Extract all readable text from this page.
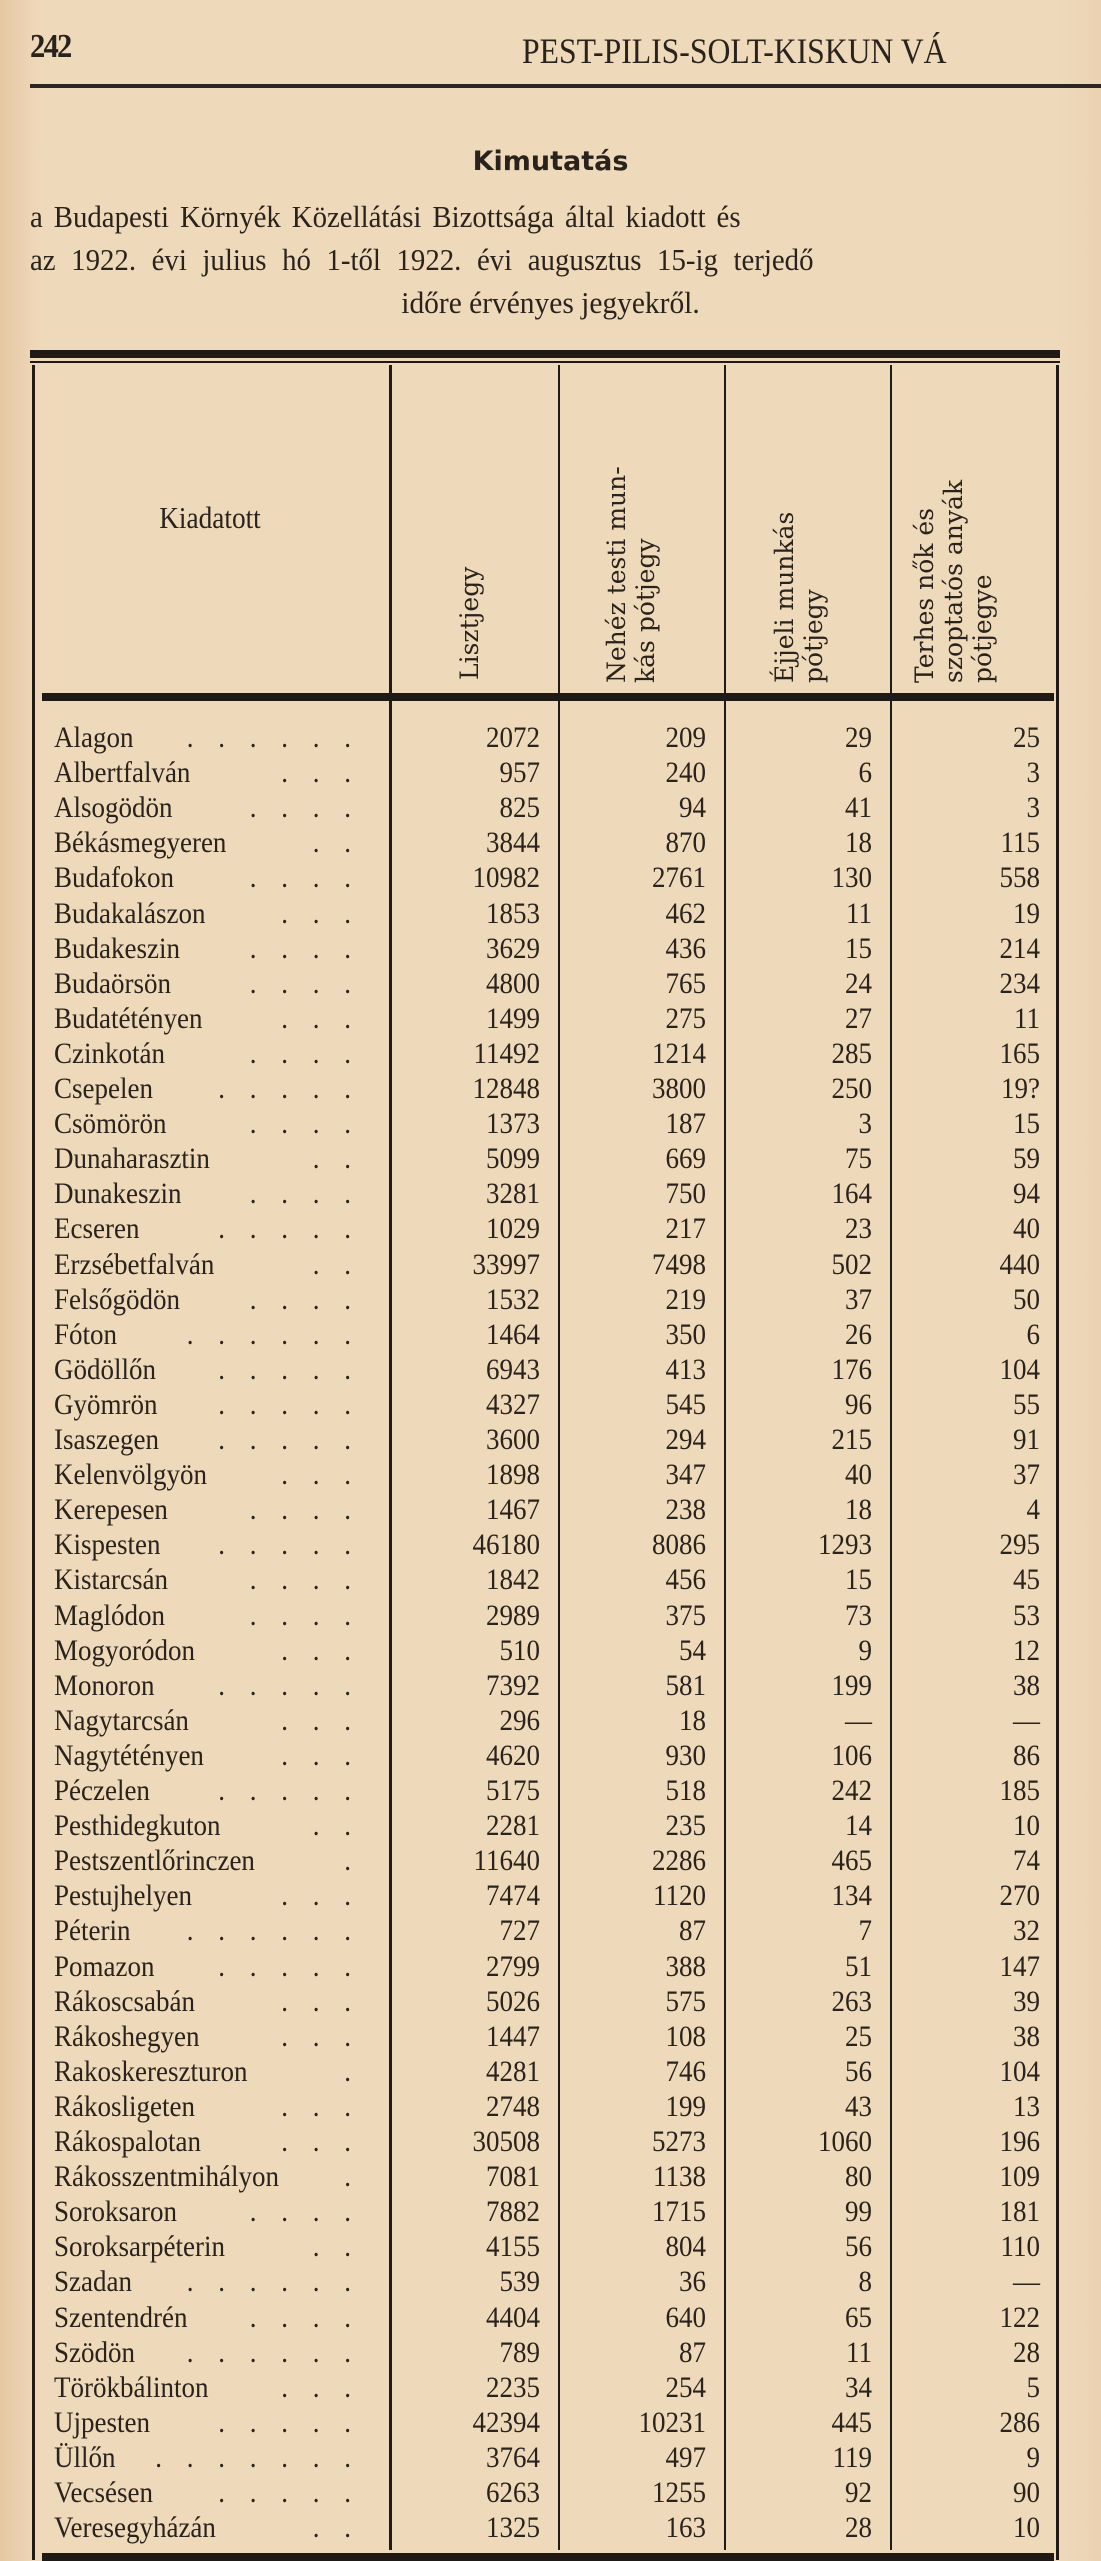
242	PEST-PILIS-SOLT-KISKUN VÁ
Kimutatás
a Budapesti Környék Közellátási Bizottsága által kiadott és
az 1922. évi julius hó 1-től 1922. évi augusztus 15-ig terjedő
időre érvényes jegyekről.
Kiadatott
Lisztjegy	Nehéz testi mun- kás pótjegy	Éjjeli munkás pótjegy	Terhes nők és szoptatós anyák pótjegye
Alagon . . . . . .	2072	209	29	25
Albertfalván	. . .	957	240	6	3
Alsogödön	. . . .	825	94	41	3
Békásmegyeren	. .	3844	870	18	115
Budafokon	. . . .	10982	2761	130	558
Budakalászon	. . .	1853	462	11	19
Budakeszin . . . .	3629	436	15	214
Budaörsön	. . . .	4800	765	24	234
Budatétényen	. . .	1499	275	27	11
Czinkotán	. . . .	11492	1214	285	165
Csepelen . . . . .	12848	3800	250	19?
Csömörön	. . . .	1373	187	3	15
Dunaharasztin	. .	5099	669	75	59
Dunakeszin . . . .	3281	750	164	94
Ecseren	. . . . .	1029	217	23	40
Erzsébetfalván	. .	33997	7498	502	440
Felsőgödön . . . .	1532	219	37	50
Fóton . . . . . .	1464	350	26	6
Gödöllőn . . . . .	6943	413	176	104
Gyömrön . . . . .	4327	545	96	55
Isaszegen . . . . .	3600	294	215	91
Kelenvölgyön . . .	1898	347	40	37
Kerepesen	. . . .	1467	238	18	4
Kispesten . . . . .	46180	8086	1293	295
Kistarcsán	. . . .	1842	456	15	45
Maglódon	. . . .	2989	375	73	53
Mogyoródon	. . .	510	54	9	12
Monoron . . . . .	7392	581	199	38
Nagytarcsán	. . .	296	18	—	—
Nagytétényen	. . .	4620	930	106	86
Péczelen . . . . .	5175	518	242	185
Pesthidegkuton	. .	2281	235	14	10
Pestszentlőrinczen	.	11640	2286	465	74
Pestujhelyen	. . .	7474	1120	134	270
Péterin . . . . . .	727	87	7	32
Pomazon . . . . .	2799	388	51	147
Rákoscsabán	. . .	5026	575	263	39
Rákoshegyen	. . .	1447	108	25	38
Rakoskereszturon	.	4281	746	56	104
Rákosligeten	. . .	2748	199	43	13
Rákospalotan	. . .	30508	5273	1060	196
Rákosszentmihályon .	7081	1138	80	109
Soroksaron . . . .	7882	1715	99	181
Soroksarpéterin	. .	4155	804	56	110
Szadan . . . . . .	539	36	8	—
Szentendrén . . . .	4404	640	65	122
Szödön . . . . . .	789	87	11	28
Törökbálinton . . .	2235	254	34	5
Ujpesten . . . . .	42394	10231	445	286
Üllőn . . . . . . .	3764	497	119	9
Vecsésen . . . . .	6263	1255	92	90
Veresegyházán	. .	1325	163	28	10
